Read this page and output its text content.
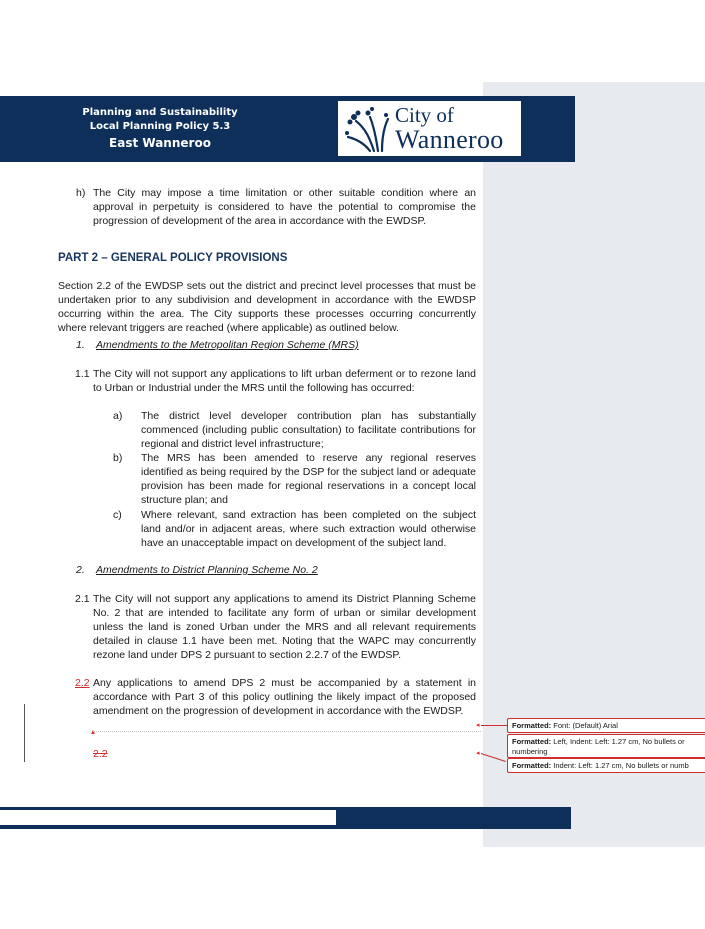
Planning and Sustainability
Local Planning Policy 5.3
East Wanneroo
City of
Wanneroo
h) The City may impose a time limitation or other suitable condition where an approval in perpetuity is considered to have the potential to compromise the progression of development of the area in accordance with the EWDSP.
PART 2 – GENERAL POLICY PROVISIONS
Section 2.2 of the EWDSP sets out the district and precinct level processes that must be undertaken prior to any subdivision and development in accordance with the EWDSP occurring within the area. The City supports these processes occurring concurrently where relevant triggers are reached (where applicable) as outlined below.
1. Amendments to the Metropolitan Region Scheme (MRS)
1.1 The City will not support any applications to lift urban deferment or to rezone land to Urban or Industrial under the MRS until the following has occurred:
a) The district level developer contribution plan has substantially commenced (including public consultation) to facilitate contributions for regional and district level infrastructure;
b) The MRS has been amended to reserve any regional reserves identified as being required by the DSP for the subject land or adequate provision has been made for regional reservations in a concept local structure plan; and
c) Where relevant, sand extraction has been completed on the subject land and/or in adjacent areas, where such extraction would otherwise have an unacceptable impact on development of the subject land.
2. Amendments to District Planning Scheme No. 2
2.1 The City will not support any applications to amend its District Planning Scheme No. 2 that are intended to facilitate any form of urban or similar development unless the land is zoned Urban under the MRS and all relevant requirements detailed in clause 1.1 have been met. Noting that the WAPC may concurrently rezone land under DPS 2 pursuant to section 2.2.7 of the EWDSP.
2.2 Any applications to amend DPS 2 must be accompanied by a statement in accordance with Part 3 of this policy outlining the likely impact of the proposed amendment on the progression of development in accordance with the EWDSP.
▴
2.2
◂	Formatted: Font: (Default) Arial
Formatted: Left, Indent: Left: 1.27 cm, No bullets or numbering
◂
Formatted: Indent: Left: 1.27 cm, No bullets or numb
